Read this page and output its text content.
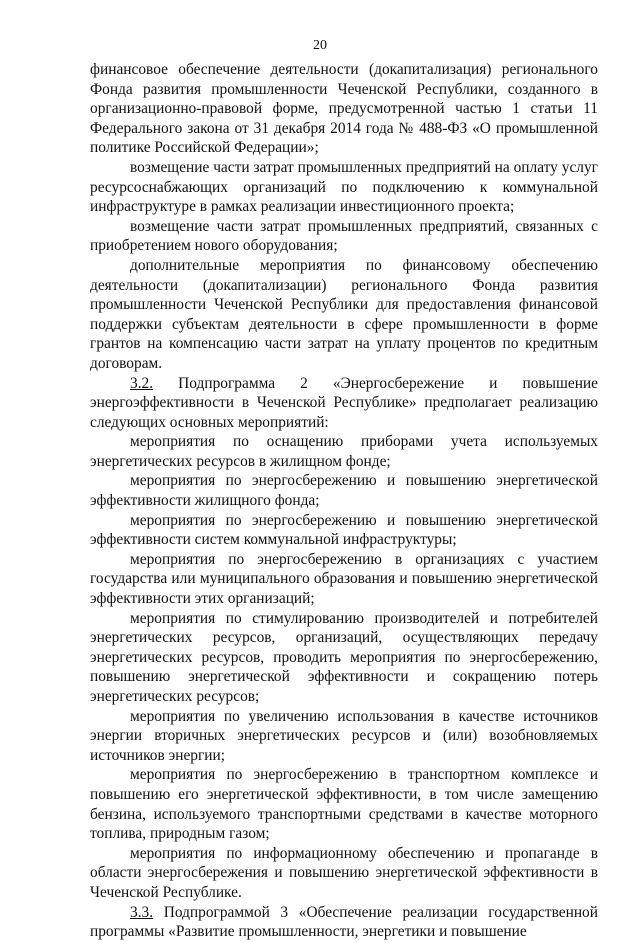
20

финансовое обеспечение деятельности (докапитализация) регионального Фонда развития промышленности Чеченской Республики, созданного в организационно-правовой форме, предусмотренной частью 1 статьи 11 Федерального закона от 31 декабря 2014 года № 488-ФЗ «О промышленной политике Российской Федерации»;

возмещение части затрат промышленных предприятий на оплату услуг ресурсоснабжающих организаций по подключению к коммунальной инфраструктуре в рамках реализации инвестиционного проекта;

возмещение части затрат промышленных предприятий, связанных с приобретением нового оборудования;

дополнительные мероприятия по финансовому обеспечению деятельности (докапитализации) регионального Фонда развития промышленности Чеченской Республики для предоставления финансовой поддержки субъектам деятельности в сфере промышленности в форме грантов на компенсацию части затрат на уплату процентов по кредитным договорам.

3.2. Подпрограмма 2 «Энергосбережение и повышение энергоэффективности в Чеченской Республике» предполагает реализацию следующих основных мероприятий:

мероприятия по оснащению приборами учета используемых энергетических ресурсов в жилищном фонде;

мероприятия по энергосбережению и повышению энергетической эффективности жилищного фонда;

мероприятия по энергосбережению и повышению энергетической эффективности систем коммунальной инфраструктуры;

мероприятия по энергосбережению в организациях с участием государства или муниципального образования и повышению энергетической эффективности этих организаций;

мероприятия по стимулированию производителей и потребителей энергетических ресурсов, организаций, осуществляющих передачу энергетических ресурсов, проводить мероприятия по энергосбережению, повышению энергетической эффективности и сокращению потерь энергетических ресурсов;

мероприятия по увеличению использования в качестве источников энергии вторичных энергетических ресурсов и (или) возобновляемых источников энергии;

мероприятия по энергосбережению в транспортном комплексе и повышению его энергетической эффективности, в том числе замещению бензина, используемого транспортными средствами в качестве моторного топлива, природным газом;

мероприятия по информационному обеспечению и пропаганде в области энергосбережения и повышению энергетической эффективности в Чеченской Республике.

3.3. Подпрограммой 3 «Обеспечение реализации государственной программы «Развитие промышленности, энергетики и повышение
